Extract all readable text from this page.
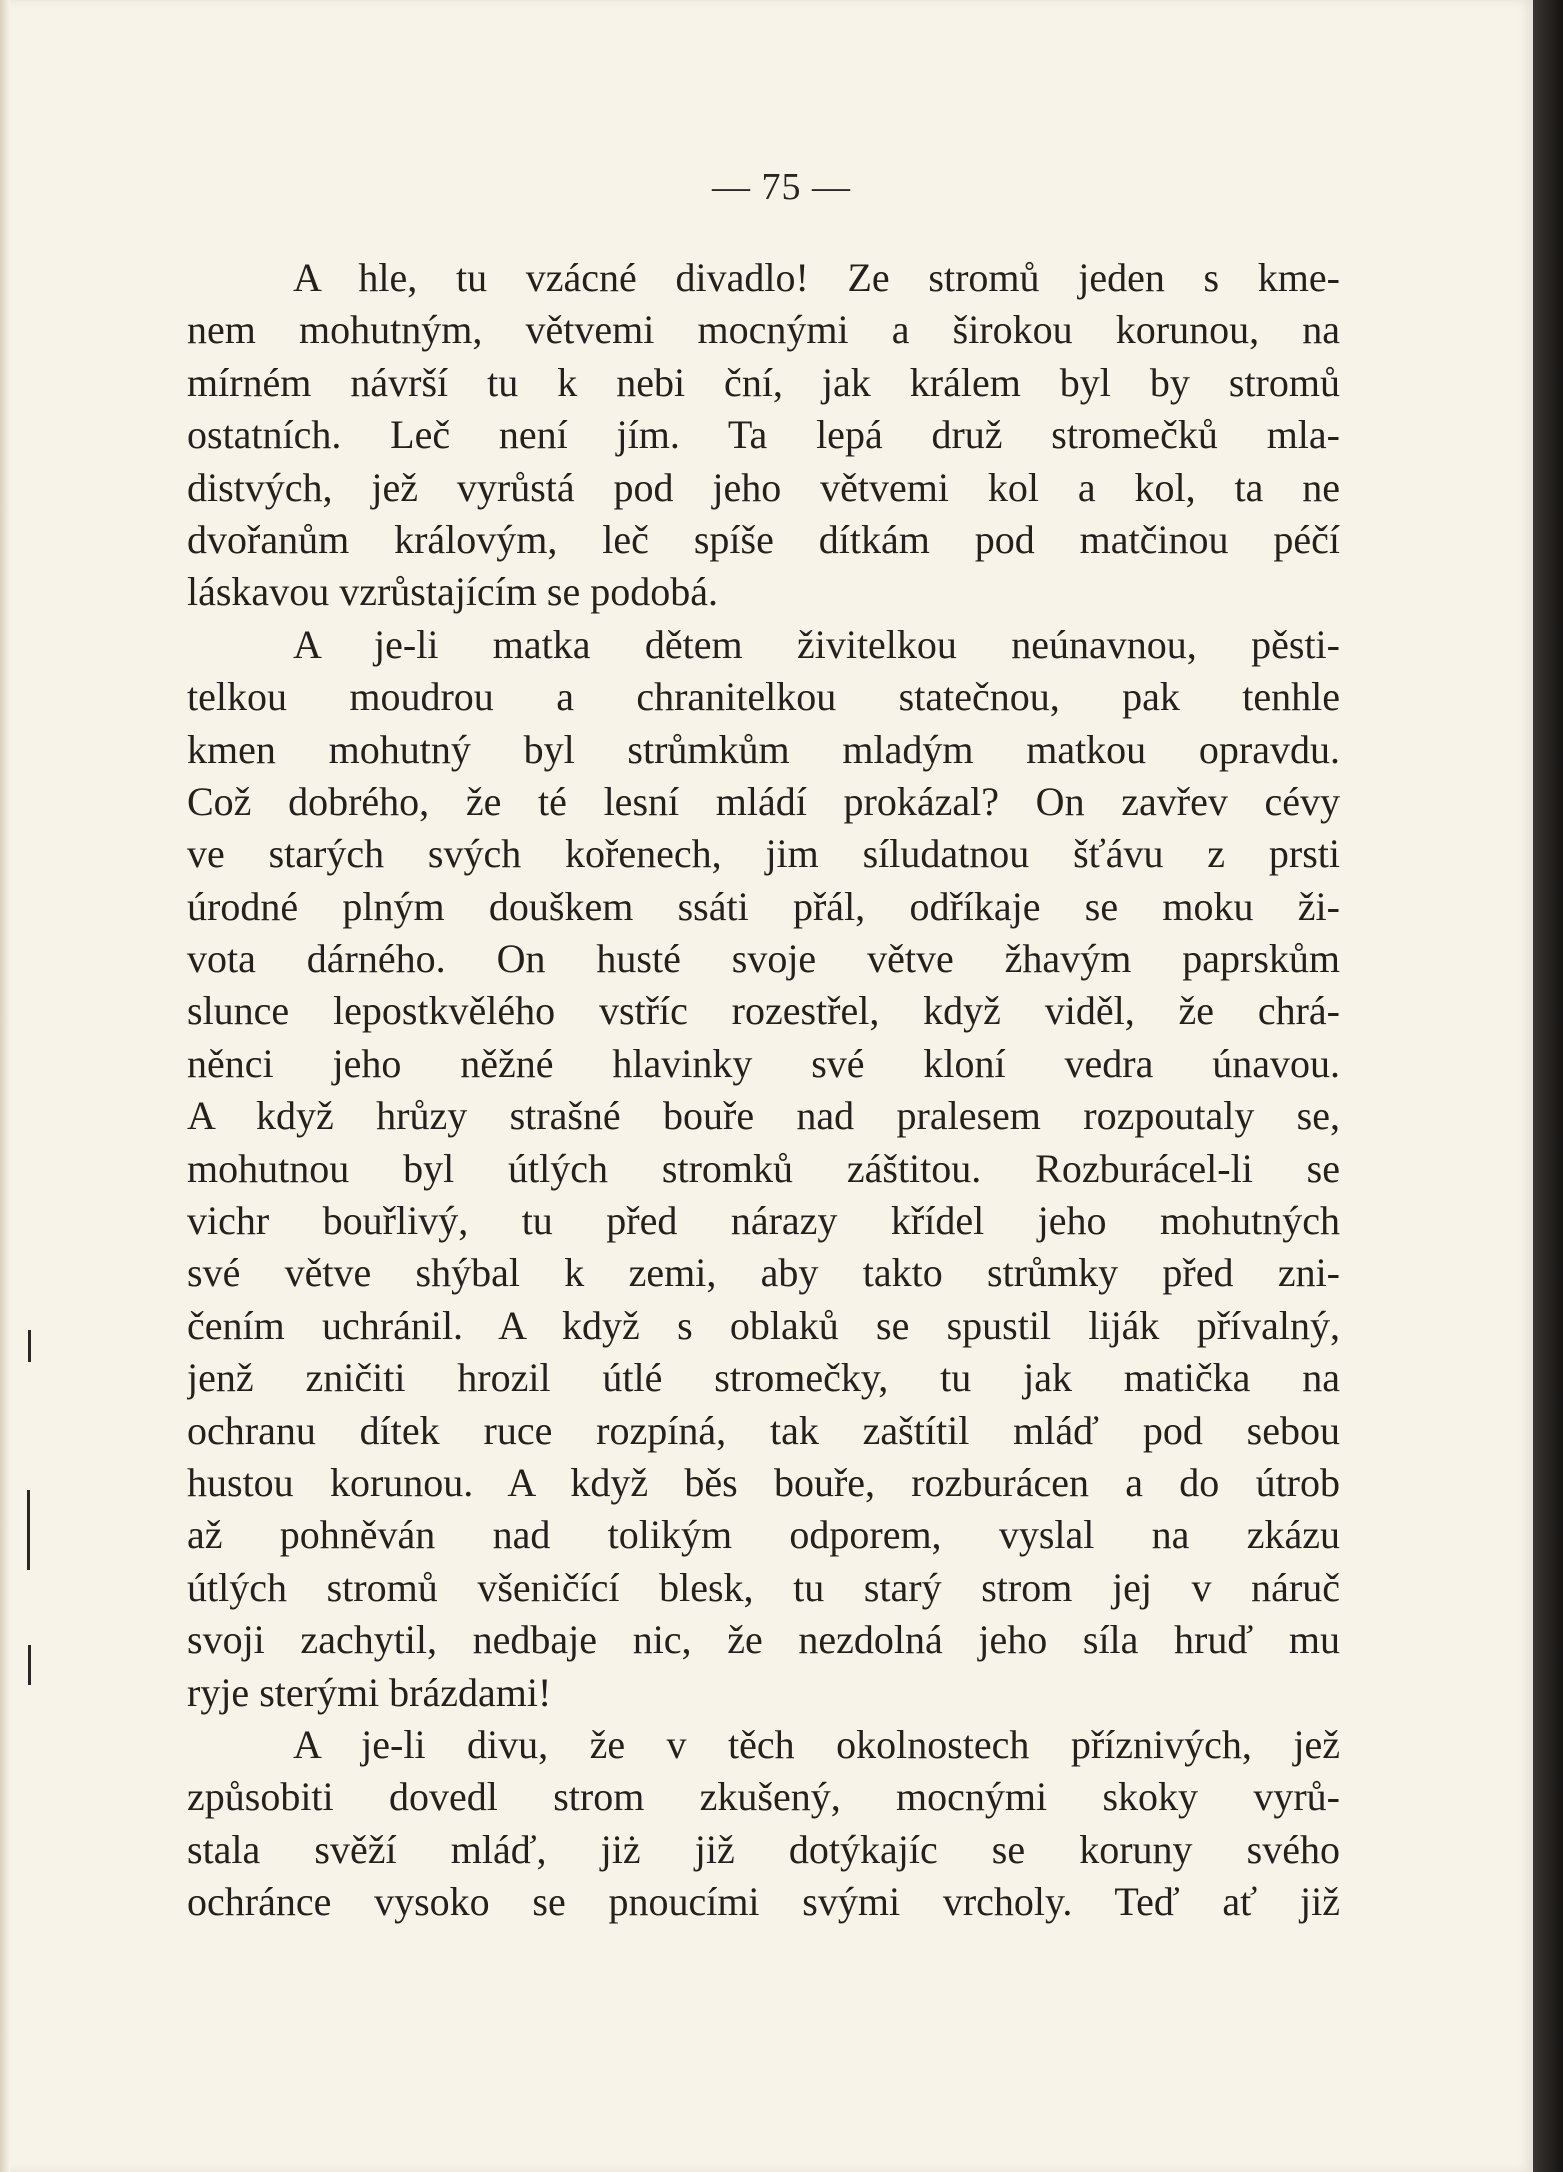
— 75 —
A hle, tu vzácné divadlo! Ze stromů jeden s kme-
nem mohutným, větvemi mocnými a širokou korunou, na
mírném návrší tu k nebi ční, jak králem byl by stromů
ostatních. Leč není jím. Ta lepá druž stromečků mla-
distvých, jež vyrůstá pod jeho větvemi kol a kol, ta ne
dvořanům královým, leč spíše dítkám pod matčinou péčí
láskavou vzrůstajícím se podobá.
A je-li matka dětem živitelkou neúnavnou, pěsti-
telkou moudrou a chranitelkou statečnou, pak tenhle
kmen mohutný byl strůmkům mladým matkou opravdu.
Což dobrého, že té lesní mládí prokázal? On zavřev cévy
ve starých svých kořenech, jim síludatnou šťávu z prsti
úrodné plným douškem ssáti přál, odříkaje se moku ži-
vota dárného. On husté svoje větve žhavým paprskům
slunce lepostkvělého vstříc rozestřel, když viděl, že chrá-
něnci jeho něžné hlavinky své kloní vedra únavou.
A když hrůzy strašné bouře nad pralesem rozpoutaly se,
mohutnou byl útlých stromků záštitou. Rozburácel-li se
vichr bouřlivý, tu před nárazy křídel jeho mohutných
své větve shýbal k zemi, aby takto strůmky před zni-
čením uchránil. A když s oblaků se spustil liják přívalný,
jenž zničiti hrozil útlé stromečky, tu jak matička na
ochranu dítek ruce rozpíná, tak zaštítil mláď pod sebou
hustou korunou. A když běs bouře, rozburácen a do útrob
až pohněván nad tolikým odporem, vyslal na zkázu
útlých stromů všeničící blesk, tu starý strom jej v náruč
svoji zachytil, nedbaje nic, že nezdolná jeho síla hruď mu
ryje sterými brázdami!
A je-li divu, že v těch okolnostech příznivých, jež
způsobiti dovedl strom zkušený, mocnými skoky vyrů-
stala svěží mláď, jiż již dotýkajíc se koruny svého
ochránce vysoko se pnoucími svými vrcholy. Teď ať již
